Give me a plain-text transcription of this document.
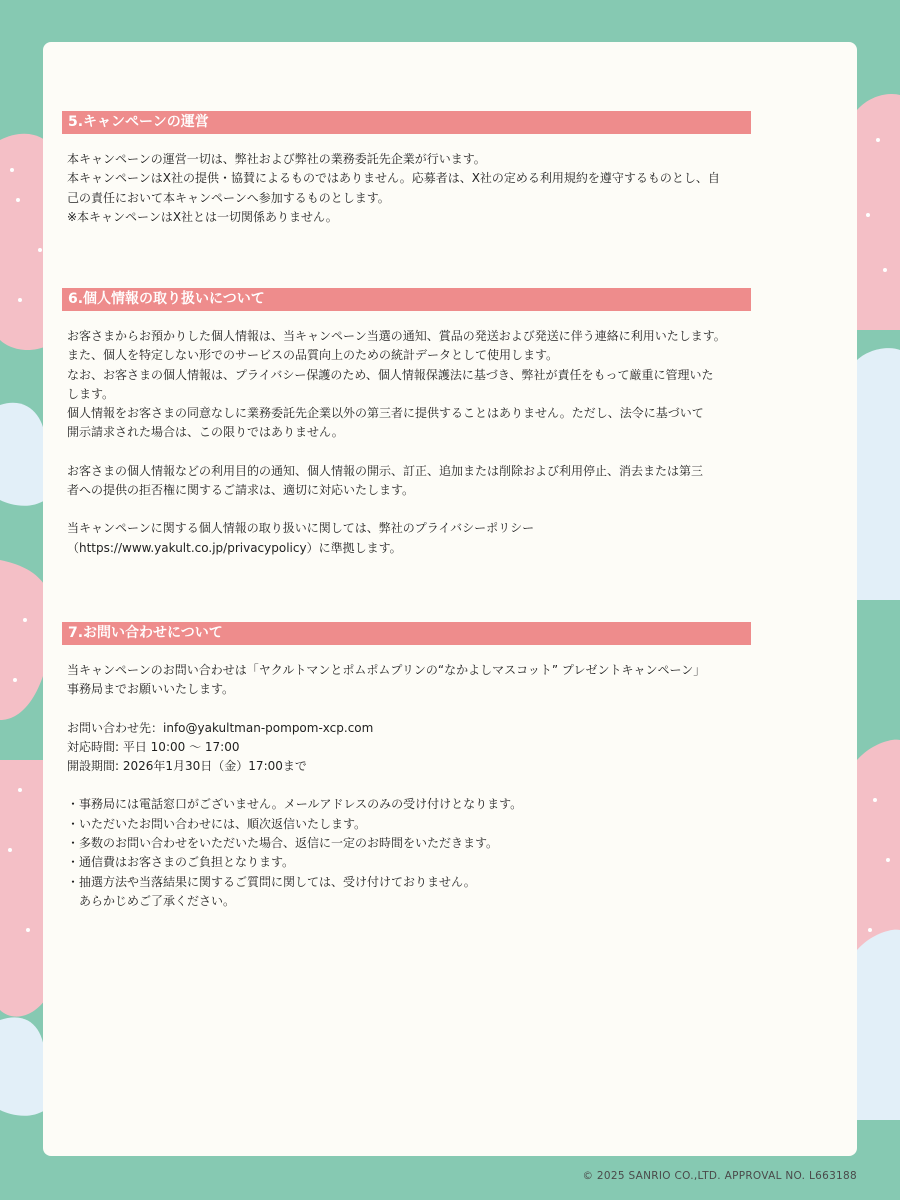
5.キャンペーンの運営

本キャンペーンの運営一切は、弊社および弊社の業務委託先企業が行います。
本キャンペーンはX社の提供・協賛によるものではありません。応募者は、X社の定める利用規約を遵守するものとし、自
己の責任において本キャンペーンへ参加するものとします。
※本キャンペーンはX社とは一切関係ありません。

6.個人情報の取り扱いについて

お客さまからお預かりした個人情報は、当キャンペーン当選の通知、賞品の発送および発送に伴う連絡に利用いたします。
また、個人を特定しない形でのサービスの品質向上のための統計データとして使用します。
なお、お客さまの個人情報は、プライバシー保護のため、個人情報保護法に基づき、弊社が責任をもって厳重に管理いた
します。
個人情報をお客さまの同意なしに業務委託先企業以外の第三者に提供することはありません。ただし、法令に基づいて
開示請求された場合は、この限りではありません。
お客さまの個人情報などの利用目的の通知、個人情報の開示、訂正、追加または削除および利用停止、消去または第三
者への提供の拒否権に関するご請求は、適切に対応いたします。
当キャンペーンに関する個人情報の取り扱いに関しては、弊社のプライバシーポリシー
（https://www.yakult.co.jp/privacypolicy）に準拠します。

7.お問い合わせについて

当キャンペーンのお問い合わせは「ヤクルトマンとポムポムプリンの“なかよしマスコット” プレゼントキャンペーン」
事務局までお願いいたします。
お問い合わせ先：info@yakultman-pompom-xcp.com
対応時間: 平日 10:00 ～ 17:00
開設期間: 2026年1月30日（金）17:00まで
・事務局には電話窓口がございません。メールアドレスのみの受け付けとなります。
・いただいたお問い合わせには、順次返信いたします。
・多数のお問い合わせをいただいた場合、返信に一定のお時間をいただきます。
・通信費はお客さまのご負担となります。
・抽選方法や当落結果に関するご質問に関しては、受け付けておりません。
　あらかじめご了承ください。

© 2025 SANRIO CO.,LTD. APPROVAL NO. L663188
